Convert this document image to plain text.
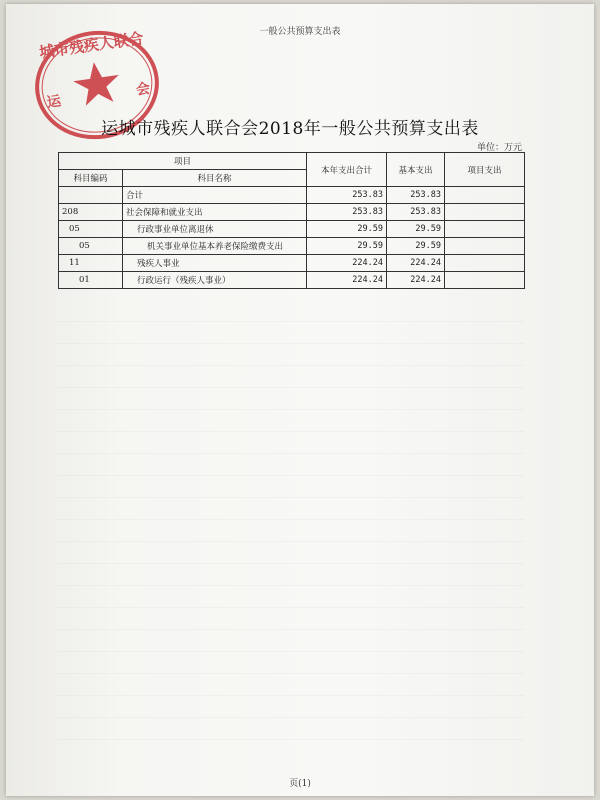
一般公共预算支出表
城市残疾人联合
运
会
运城市残疾人联合会2018年一般公共预算支出表
单位：万元
项目		本年支出合计	基本支出	项目支出
科目编码	科目名称			
	合计	253.83	253.83	
208	社会保障和就业支出	253.83	253.83	
05	行政事业单位离退休	29.59	29.59	
05	机关事业单位基本养老保险缴费支出	29.59	29.59	
11	残疾人事业	224.24	224.24	
01	行政运行（残疾人事业）	224.24	224.24	
页(1)
